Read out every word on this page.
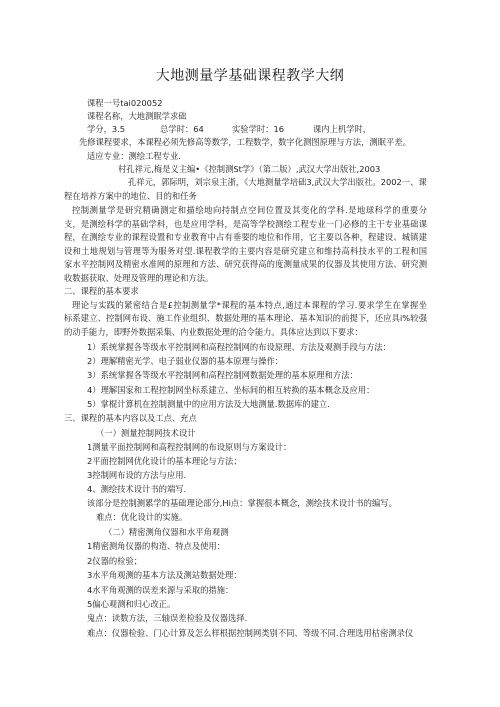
大地测量学基础课程教学大纲
课程一号tai020052
课程名称，大地测眠学求础
学分，3.5	总学时：64	实验学时：16	课内上机学时，
先修课程要求，本课程必须先修高等数学，工程数学，数字化测图原理与方法，测眠平差。
适应专业：测绘工程专业.
村孔祥元,梅是义主编•《控制测St学》（第二版）,武汉大学出版社,2003
孔祥元，郭际明，刘宗泉主浙，《大地测量学培础3,武汉大学出版社。2002一、课
程在培养方案中的地位、目的和任务
控制测量学是研究精确测定和描绘地向持制点空间位置及其变化的学科.是地球科学的重要分
支，是测绘科学的基础学科，也是应用学科，是高等学校测绘工程专业一门必修的主干专业基础课
程，在测绘专业的课程设置和专业教育中占有垂要的地位和作用，它主要以各种，程建设、城镇建
设和土地规划与管理等为服务对望.课程教学的主要内容是研究建立和维持高科技水平的工程和国
家水平控制网及精密水准网的原理和方法、研究获得高的度测量成果的仪器及其使用方法、研究测
收数据获取、处理及管理的理论和方法。
二、课程的基本要求
理论与实践的紧密结合是£控制测量学*课程的基本特点,通过本课程的学习.要求学生在掌握坐
标系建立、控制网布设、施工作业组织、数据处理的基本理论、基本知识的前提下，还应具i%较强
的动手能力，即野外数据采集、内业数据处理的洽令能力。具体应达到以下要求：
1）系统掌握各等级水平控制网和高程控制网的布设原理、方法及观测手段与方法：
2）理解精密光学、电子弱业仪器的基本原理与操作：
3）系统掌握各等级水平控制网和高程控制网数据处理的基本原理和方法：
4）理解国家和工程控制网坐标系建立、坐标间的相互转换的基本概念及应用：
5）掌棍计算机在控制测量中的应用方法及大地测量.数据库的建立.
三、课程的基本内容以及工点、充点
（一）测量控制网技术设计
1测量平面控制网和高程控制网的布设原则与方案设计：
2平面控制网优化设计的基本理论与方法；
3控制网布设的方法与应用.
4、测绘技术设计书的端写.
该部分是控制测累学的基础理论部分,Hi点：掌握很本概念，测绘技术设计书的编写。
难点：优化设计的实施。
（二）精密测角仪器和水平角观测
1精密测角仪器的构造、特点及使用：
2仪器的检验；
3水平角观测的基本方法及测站数据处理：
4水平角观测的误差来源与采取的措施：
5偏心观测和归心改正。
鬼点：读数方法，三轴误差检验及仪器选择.
难点：仪器检验、门心计算及怎么样根据控制网类别不同、等级不同.合理选用枯密测录仪
